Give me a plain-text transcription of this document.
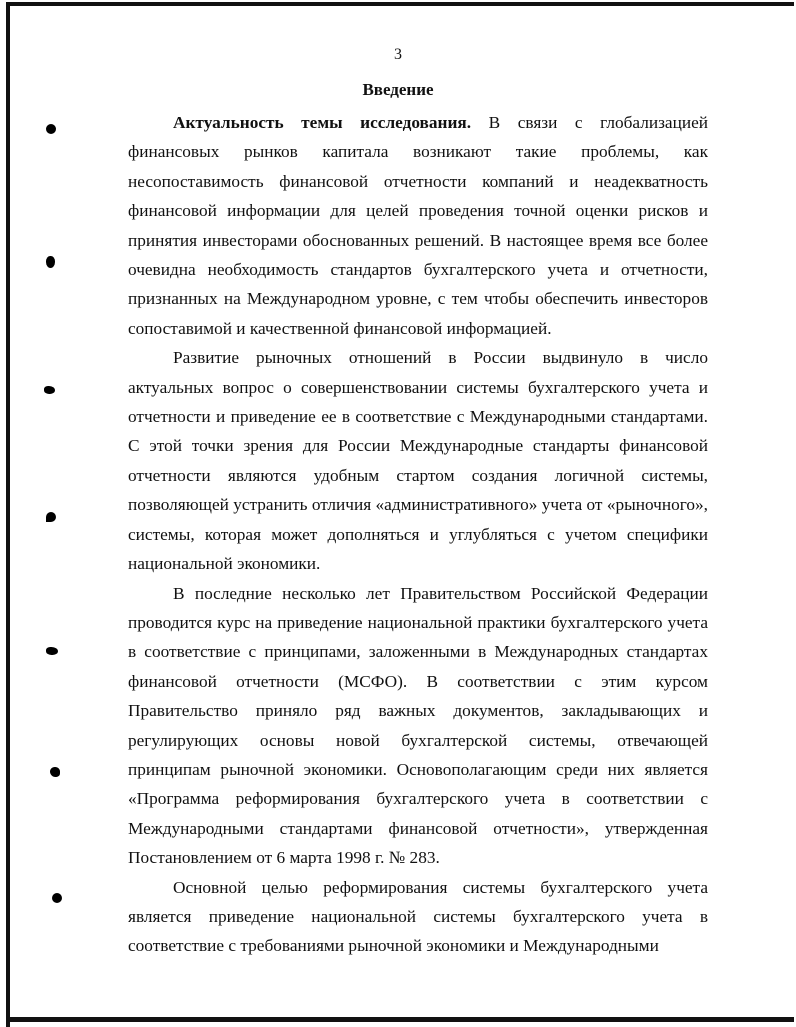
3
Введение

Актуальность темы исследования. В связи с глобализацией финансовых рынков капитала возникают такие проблемы, как несопоставимость финансовой отчетности компаний и неадекватность финансовой информации для целей проведения точной оценки рисков и принятия инвесторами обоснованных решений. В настоящее время все более очевидна необходимость стандартов бухгалтерского учета и отчетности, признанных на Международном уровне, с тем чтобы обеспечить инвесторов сопоставимой и качественной финансовой информацией.

Развитие рыночных отношений в России выдвинуло в число актуальных вопрос о совершенствовании системы бухгалтерского учета и отчетности и приведение ее в соответствие с Международными стандартами. С этой точки зрения для России Международные стандарты финансовой отчетности являются удобным стартом создания логичной системы, позволяющей устранить отличия «административного» учета от «рыночного», системы, которая может дополняться и углубляться с учетом специфики национальной экономики.

В последние несколько лет Правительством Российской Федерации проводится курс на приведение национальной практики бухгалтерского учета в соответствие с принципами, заложенными в Международных стандартах финансовой отчетности (МСФО). В соответствии с этим курсом Правительство приняло ряд важных документов, закладывающих и регулирующих основы новой бухгалтерской системы, отвечающей принципам рыночной экономики. Основополагающим среди них является «Программа реформирования бухгалтерского учета в соответствии с Международными стандартами финансовой отчетности», утвержденная Постановлением от 6 марта 1998 г. № 283.

Основной целью реформирования системы бухгалтерского учета является приведение национальной системы бухгалтерского учета в соответствие с требованиями рыночной экономики и Международными
